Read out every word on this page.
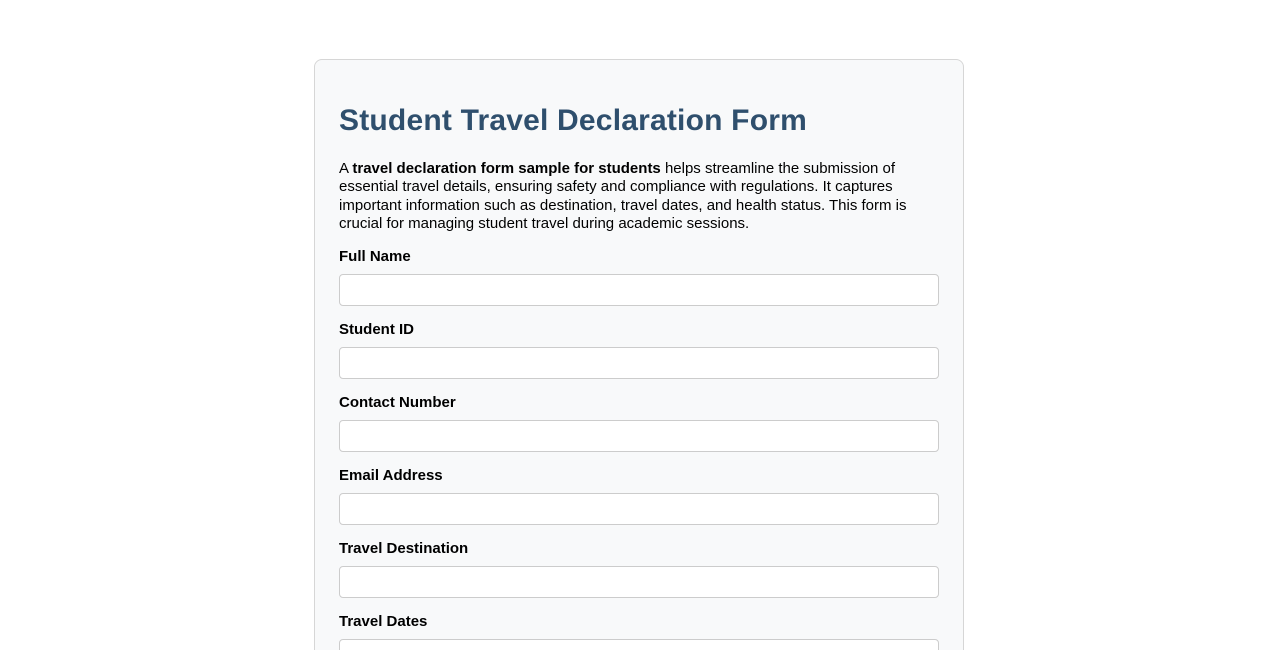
Student Travel Declaration Form

A travel declaration form sample for students helps streamline the submission of essential travel details, ensuring safety and compliance with regulations. It captures important information such as destination, travel dates, and health status. This form is crucial for managing student travel during academic sessions.

Full Name
Student ID
Contact Number
Email Address
Travel Destination
Travel Dates
